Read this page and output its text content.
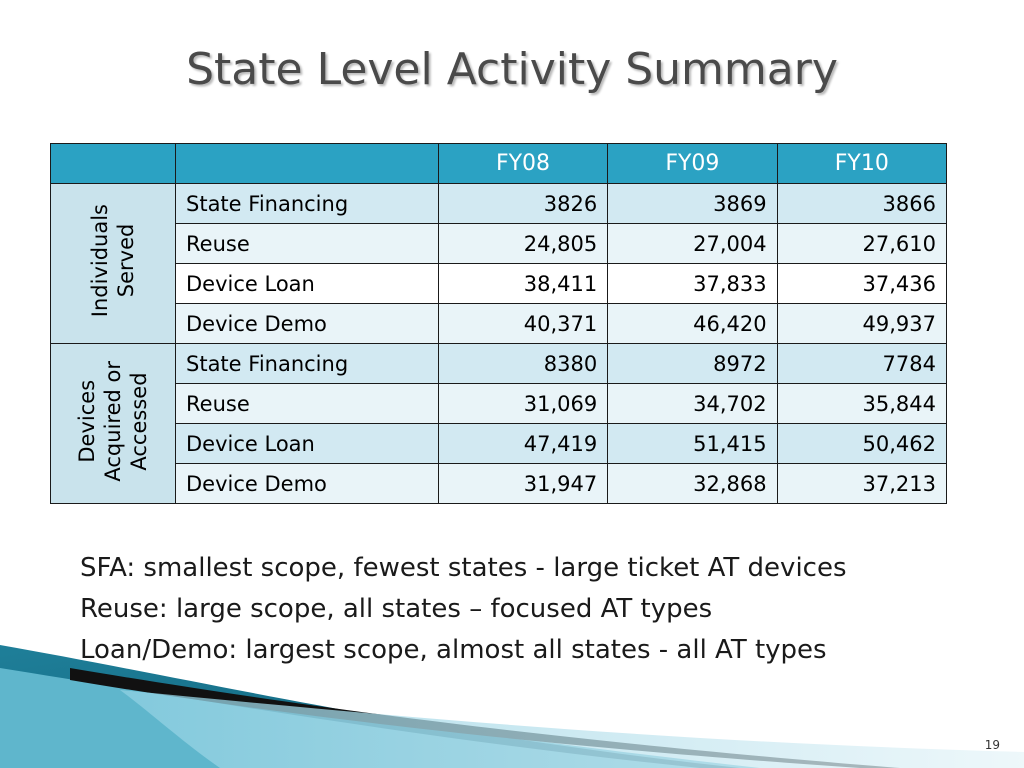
State Level Activity Summary
		FY08	FY09	FY10
Individuals
Served	State Financing	3826	3869	3866
	Reuse	24,805	27,004	27,610
	Device Loan	38,411	37,833	37,436
	Device Demo	40,371	46,420	49,937
Devices
Acquired or
Accessed	State Financing	8380	8972	7784
	Reuse	31,069	34,702	35,844
	Device Loan	47,419	51,415	50,462
	Device Demo	31,947	32,868	37,213
SFA: smallest scope, fewest states - large ticket AT devices
Reuse: large scope, all states – focused AT types
Loan/Demo: largest scope, almost all states - all AT types
19
